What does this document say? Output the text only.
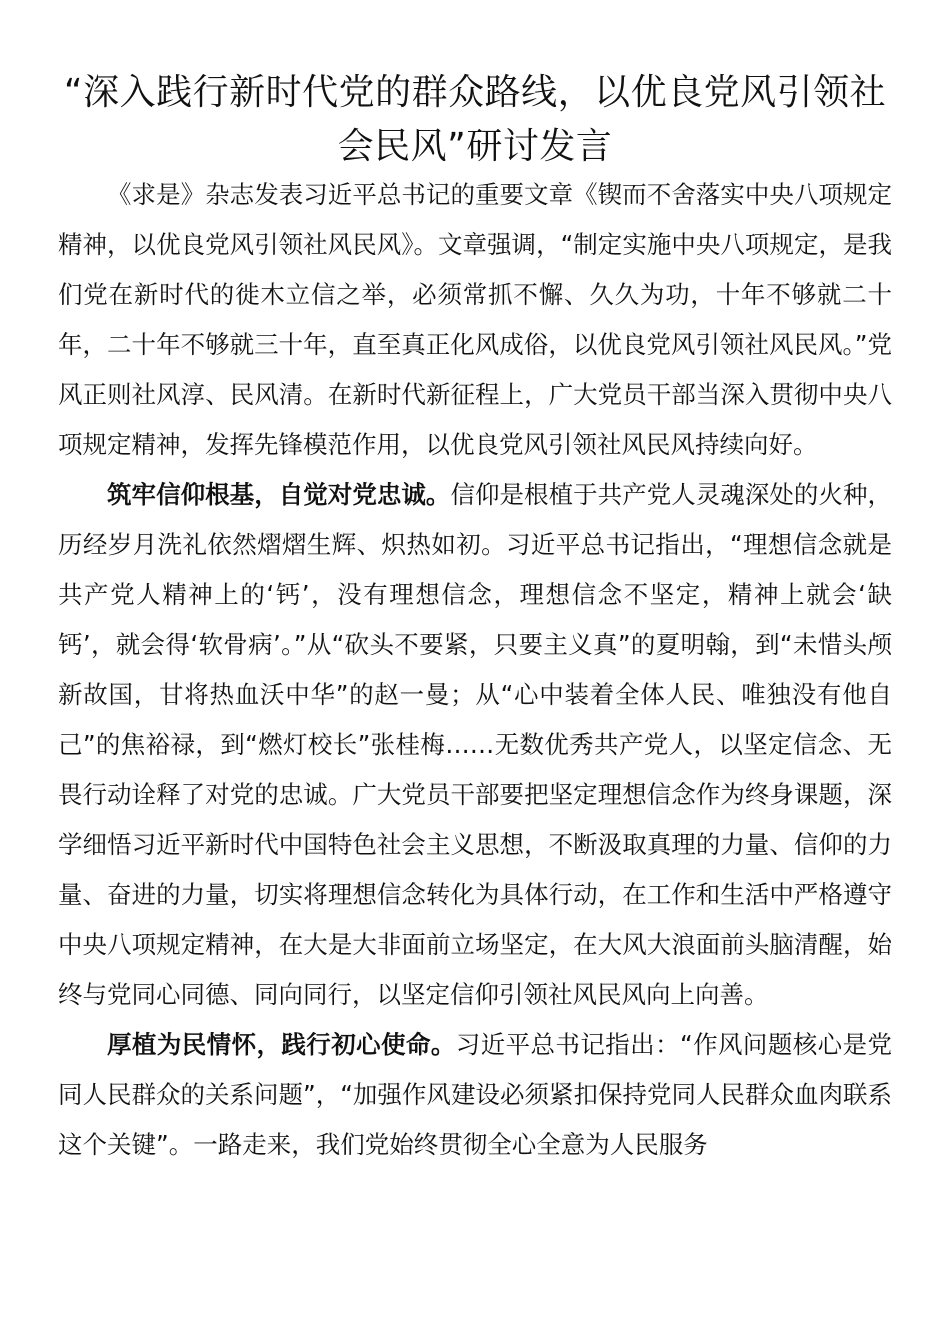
“深入践行新时代党的群众路线，以优良党风引领社会民风”研讨发言

《求是》杂志发表习近平总书记的重要文章《锲而不舍落实中央八项规定精神，以优良党风引领社风民风》。文章强调，“制定实施中央八项规定，是我们党在新时代的徙木立信之举，必须常抓不懈、久久为功，十年不够就二十年，二十年不够就三十年，直至真正化风成俗，以优良党风引领社风民风。”党风正则社风淳、民风清。在新时代新征程上，广大党员干部当深入贯彻中央八项规定精神，发挥先锋模范作用，以优良党风引领社风民风持续向好。

筑牢信仰根基，自觉对党忠诚。信仰是根植于共产党人灵魂深处的火种，历经岁月洗礼依然熠熠生辉、炽热如初。习近平总书记指出，“理想信念就是共产党人精神上的‘钙’，没有理想信念，理想信念不坚定，精神上就会‘缺钙’，就会得‘软骨病’。”从“砍头不要紧，只要主义真”的夏明翰，到“未惜头颅新故国，甘将热血沃中华”的赵一曼；从“心中装着全体人民、唯独没有他自己”的焦裕禄，到“燃灯校长”张桂梅……无数优秀共产党人，以坚定信念、无畏行动诠释了对党的忠诚。广大党员干部要把坚定理想信念作为终身课题，深学细悟习近平新时代中国特色社会主义思想，不断汲取真理的力量、信仰的力量、奋进的力量，切实将理想信念转化为具体行动，在工作和生活中严格遵守中央八项规定精神，在大是大非面前立场坚定，在大风大浪面前头脑清醒，始终与党同心同德、同向同行，以坚定信仰引领社风民风向上向善。

厚植为民情怀，践行初心使命。习近平总书记指出：“作风问题核心是党同人民群众的关系问题”，“加强作风建设必须紧扣保持党同人民群众血肉联系这个关键”。一路走来，我们党始终贯彻全心全意为人民服务
